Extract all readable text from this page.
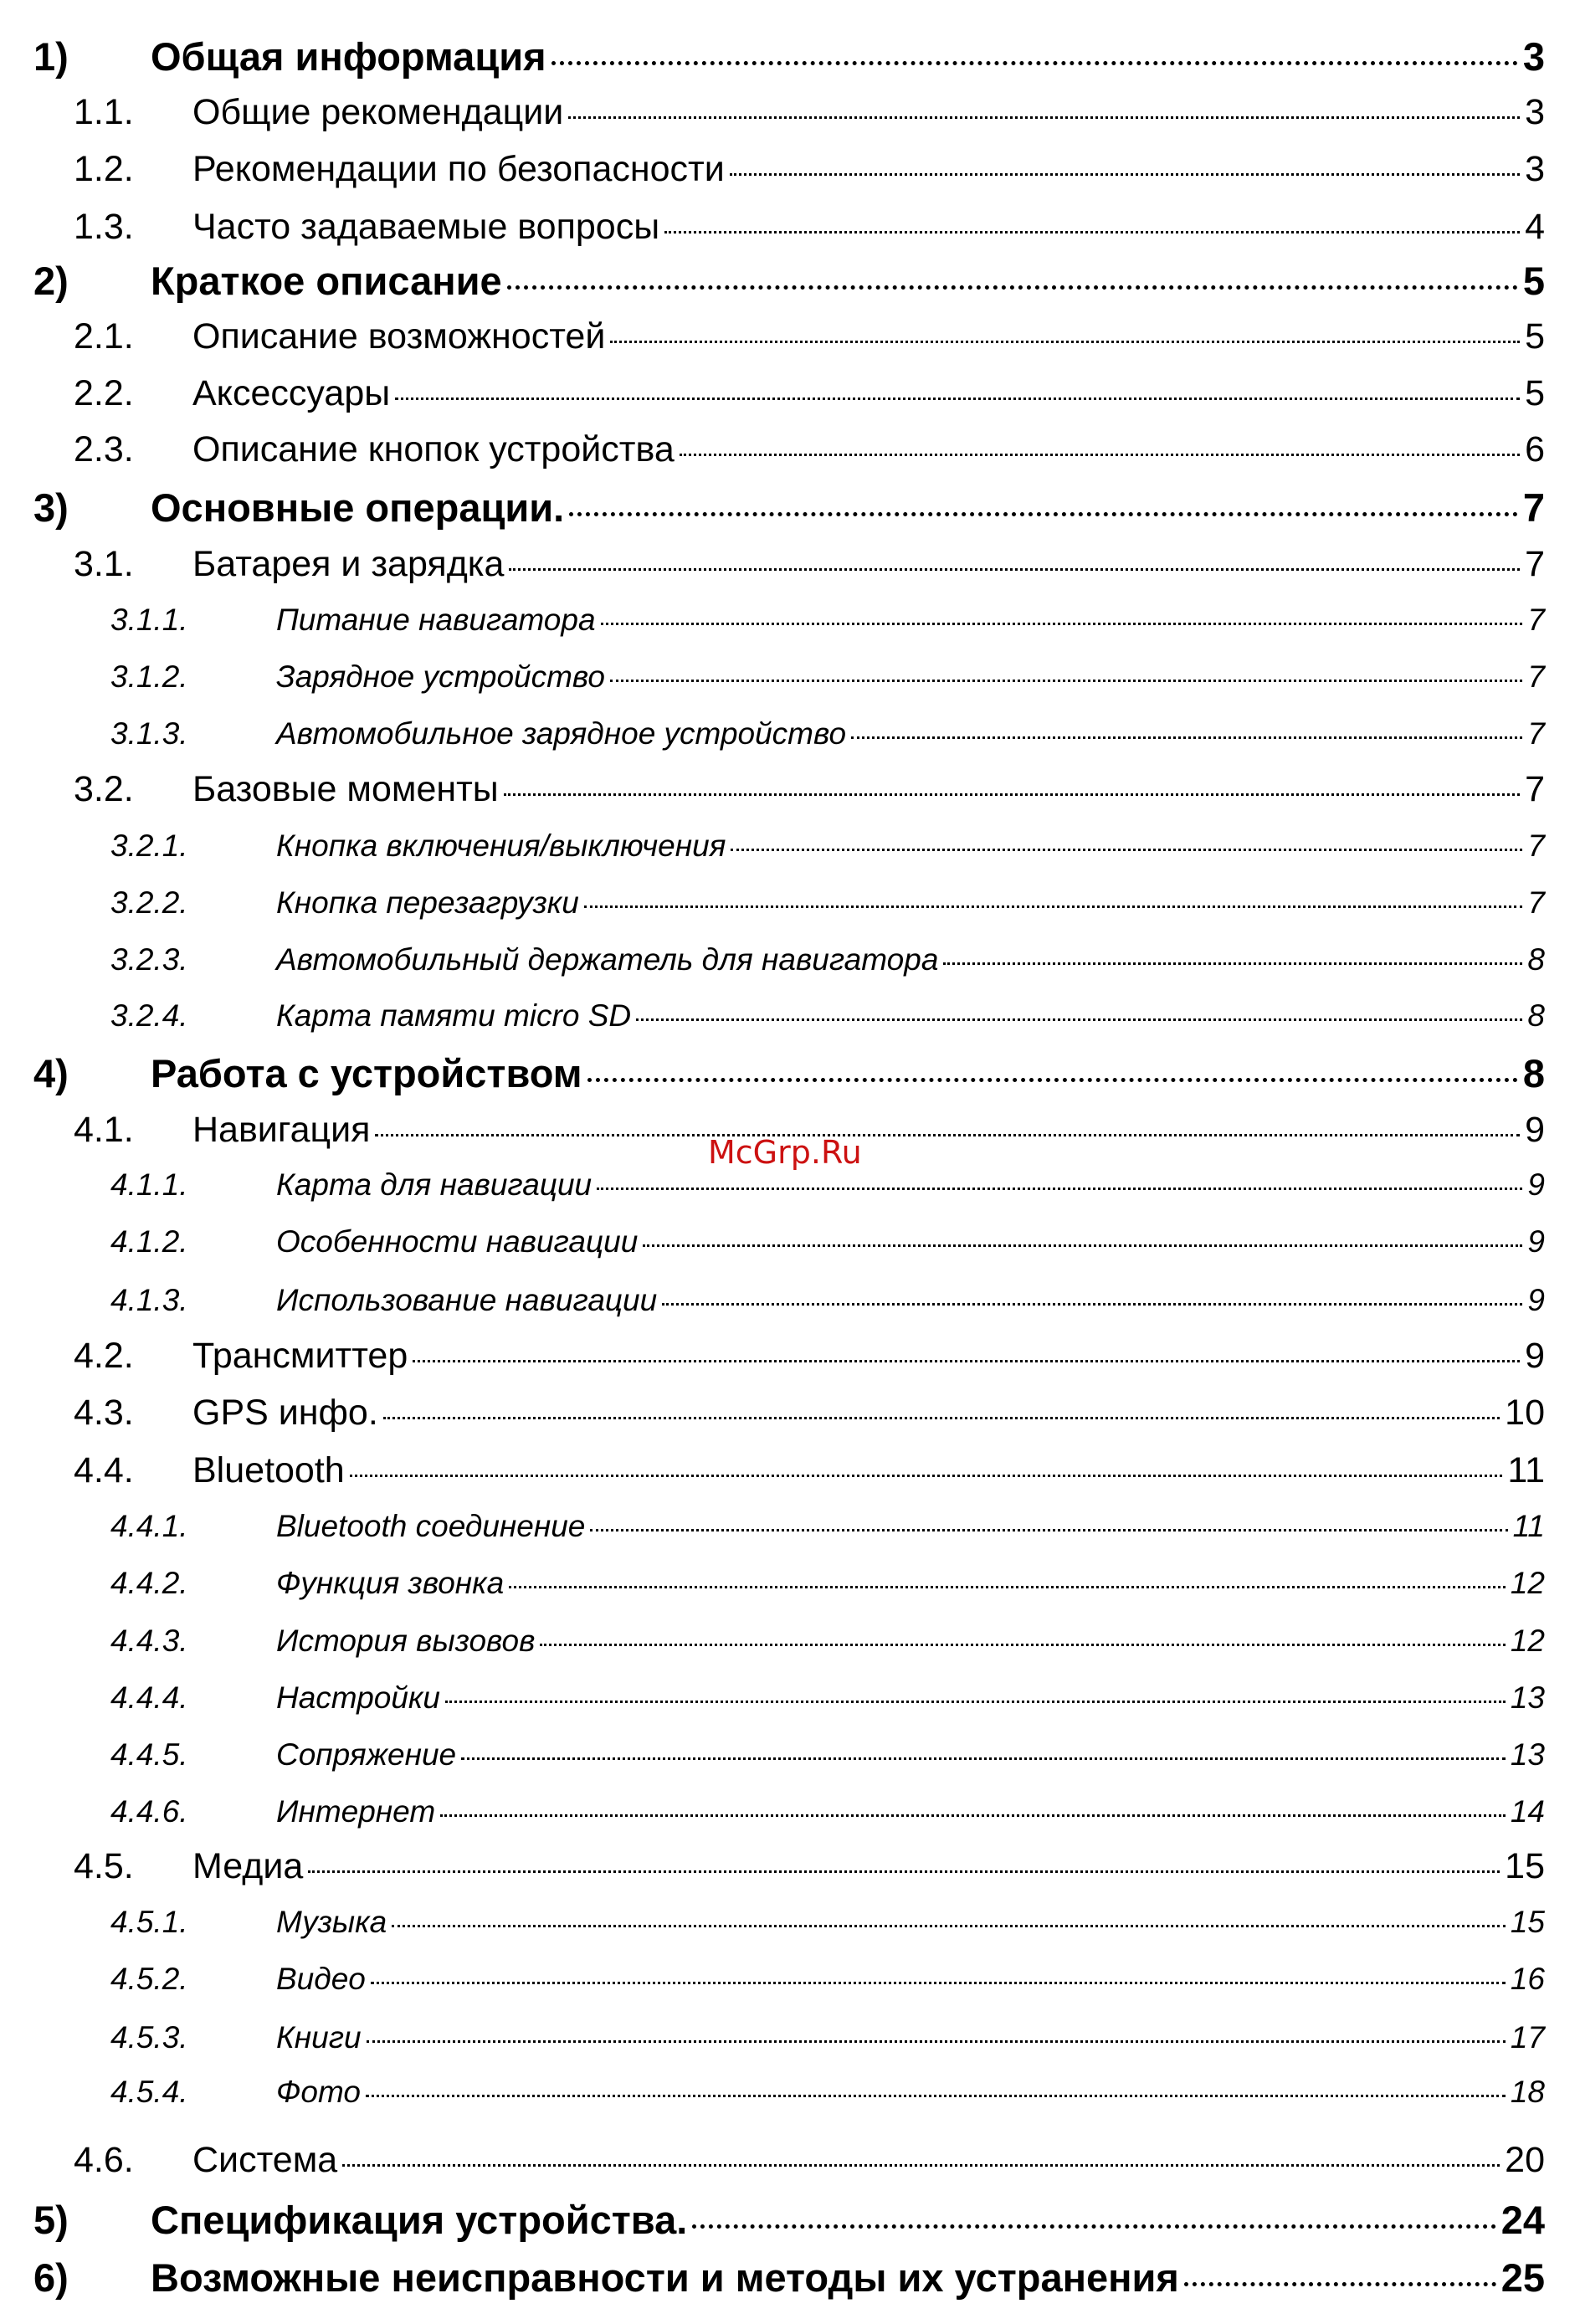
1) Общая информация	3
1.1. Общие рекомендации	3
1.2. Рекомендации по безопасности	3
1.3. Часто задаваемые вопросы	4
2) Краткое описание	5
2.1. Описание возможностей	5
2.2. Аксессуары	5
2.3. Описание кнопок устройства	6
3) Основные операции.	7
3.1. Батарея и зарядка	7
3.1.1.	Питание навигатора	7
3.1.2.	Зарядное устройство	7
3.1.3.	Автомобильное зарядное устройство	7
3.2. Базовые моменты	7
3.2.1.	Кнопка включения/выключения	7
3.2.2.	Кнопка перезагрузки	7
3.2.3.	Автомобильный держатель для навигатора	8
3.2.4.	Карта памяти micro SD	8
4) Работа с устройством	8
4.1. Навигация	9
4.1.1.	Карта для навигации	9
4.1.2.	Особенности навигации	9
4.1.3.	Использование навигации	9
4.2. Трансмиттер	9
4.3. GPS инфо.	10
4.4. Bluetooth	11
4.4.1.	Bluetooth соединение	11
4.4.2.	Функция звонка	12
4.4.3.	История вызовов	12
4.4.4.	Настройки	13
4.4.5.	Сопряжение	13
4.4.6.	Интернет	14
4.5. Медиа	15
4.5.1.	Музыка	15
4.5.2.	Видео	16
4.5.3.	Книги	17
4.5.4.	Фото	18
4.6. Система	20
5) Спецификация устройства.	24
6) Возможные неисправности и методы их устранения	25
McGrp.Ru
